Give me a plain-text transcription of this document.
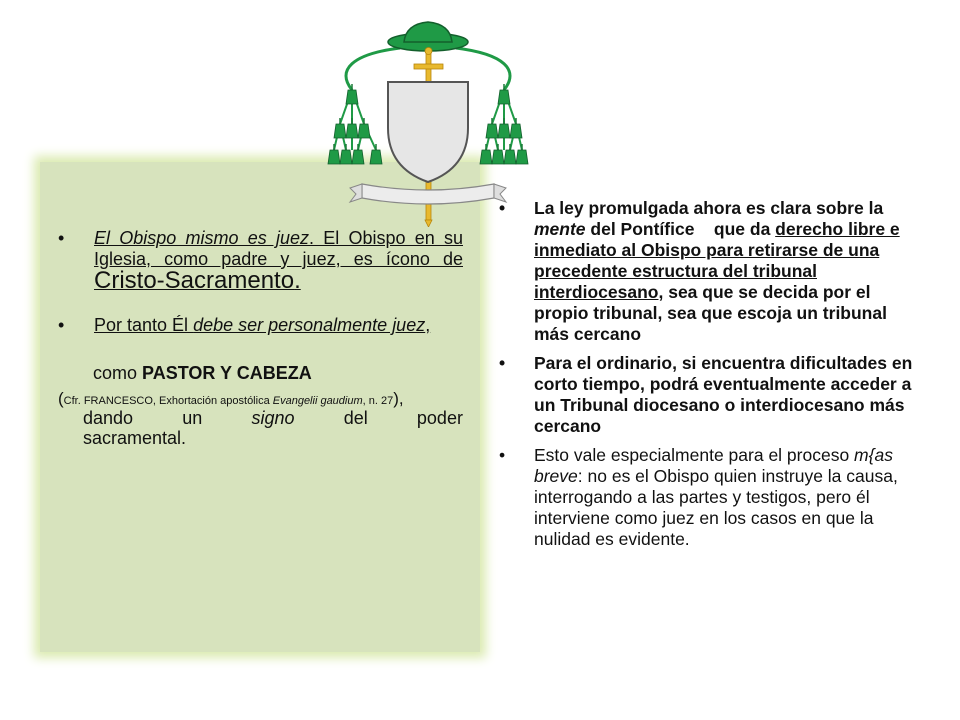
• El Obispo mismo es juez. El Obispo en su Iglesia, como padre y juez, es ícono de Cristo-Sacramento.
• Por tanto Él debe ser personalmente juez,
como PASTOR Y CABEZA
(Cfr. FRANCESCO, Exhortación apostólica Evangelii gaudium, n. 27),
dando	un	signo	del	poder
sacramental.
• La ley promulgada ahora es clara sobre la mente del Pontífice    que da derecho libre e inmediato al Obispo para retirarse de una precedente estructura del tribunal interdiocesano, sea que se decida por el propio tribunal, sea que escoja un tribunal más cercano
• Para el ordinario, si encuentra dificultades en corto tiempo, podrá eventualmente acceder a un Tribunal diocesano o interdiocesano más cercano
• Esto vale especialmente para el proceso m{as breve: no es el Obispo quien instruye la causa, interrogando a las partes y testigos, pero él interviene como juez en los casos en que la nulidad es evidente.
